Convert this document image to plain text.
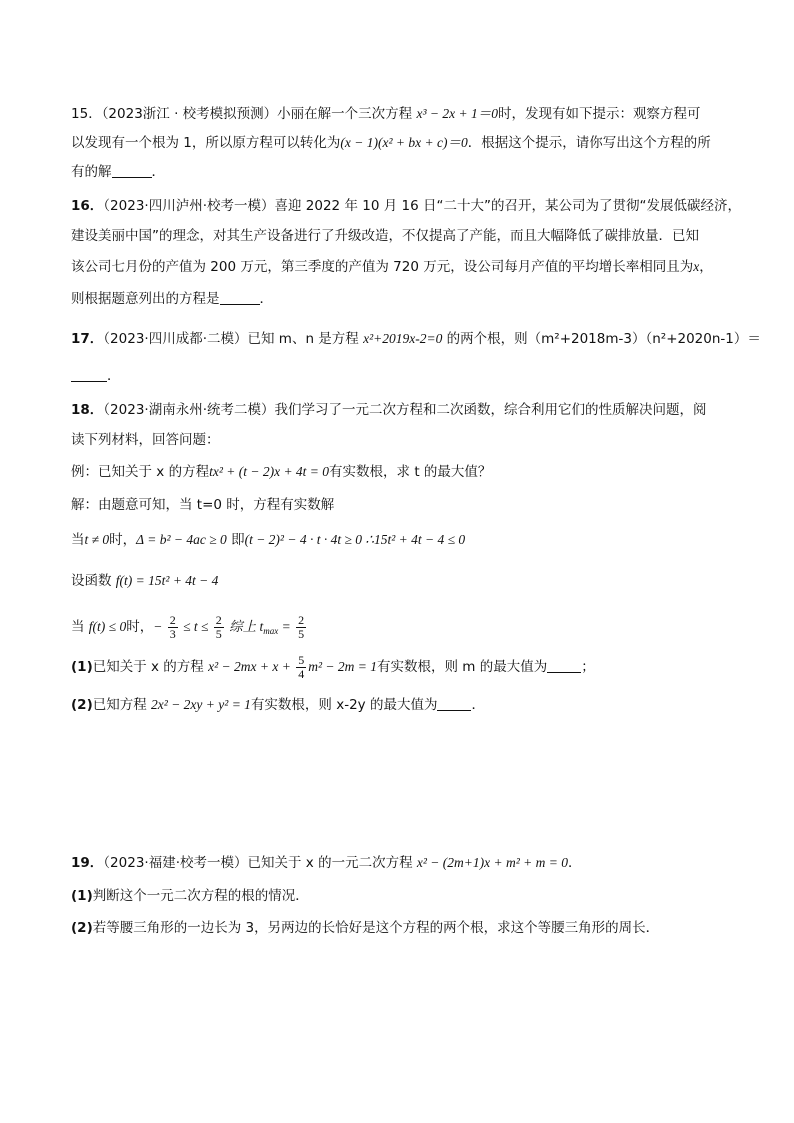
15．（2023浙江 · 校考模拟预测）小丽在解一个三次方程 x³ − 2x + 1＝0时，发现有如下提示：观察方程可
以发现有一个根为 1，所以原方程可以转化为(x − 1)(x² + bx + c)＝0．根据这个提示，请你写出这个方程的所
有的解	．
16．（2023·四川泸州·校考一模）喜迎 2022 年 10 月 16 日“二十大”的召开，某公司为了贯彻“发展低碳经济，
建设美丽中国”的理念，对其生产设备进行了升级改造，不仅提高了产能，而且大幅降低了碳排放量．已知
该公司七月份的产值为 200 万元，第三季度的产值为 720 万元，设公司每月产值的平均增长率相同且为x，
则根据题意列出的方程是	．
17．（2023·四川成都·二模）已知 m、n 是方程 x²+2019x-2=0 的两个根，则（m²+2018m-3）（n²+2020n-1）＝
．
18．（2023·湖南永州·统考二模）我们学习了一元二次方程和二次函数，综合利用它们的性质解决问题，阅
读下列材料，回答问题：
例：已知关于 x 的方程tx² + (t − 2)x + 4t = 0有实数根，求 t 的最大值？
解：由题意可知，当 t=0 时，方程有实数解
当t ≠ 0时，Δ = b² − 4ac ≥ 0 即(t − 2)² − 4 · t · 4t ≥ 0 ∴15t² + 4t − 4 ≤ 0
设函数 f(t) = 15t² + 4t − 4
当 f(t) ≤ 0时，− $\frac{2}{3} \le t \le \frac{2}{5}$ 综上 $t_{max} = \frac{2}{5}$
(1)已知关于 x 的方程 $x^2 - 2mx + x + \frac{5}{4} m^2 - 2m = 1$有实数根，则 m 的最大值为	；
(2)已知方程 2x² − 2xy + y² = 1有实数根，则 x-2y 的最大值为	．
19．（2023·福建·校考一模）已知关于 x 的一元二次方程 x² − (2m+1)x + m² + m = 0．
(1)判断这个一元二次方程的根的情况．
(2)若等腰三角形的一边长为 3，另两边的长恰好是这个方程的两个根，求这个等腰三角形的周长．
